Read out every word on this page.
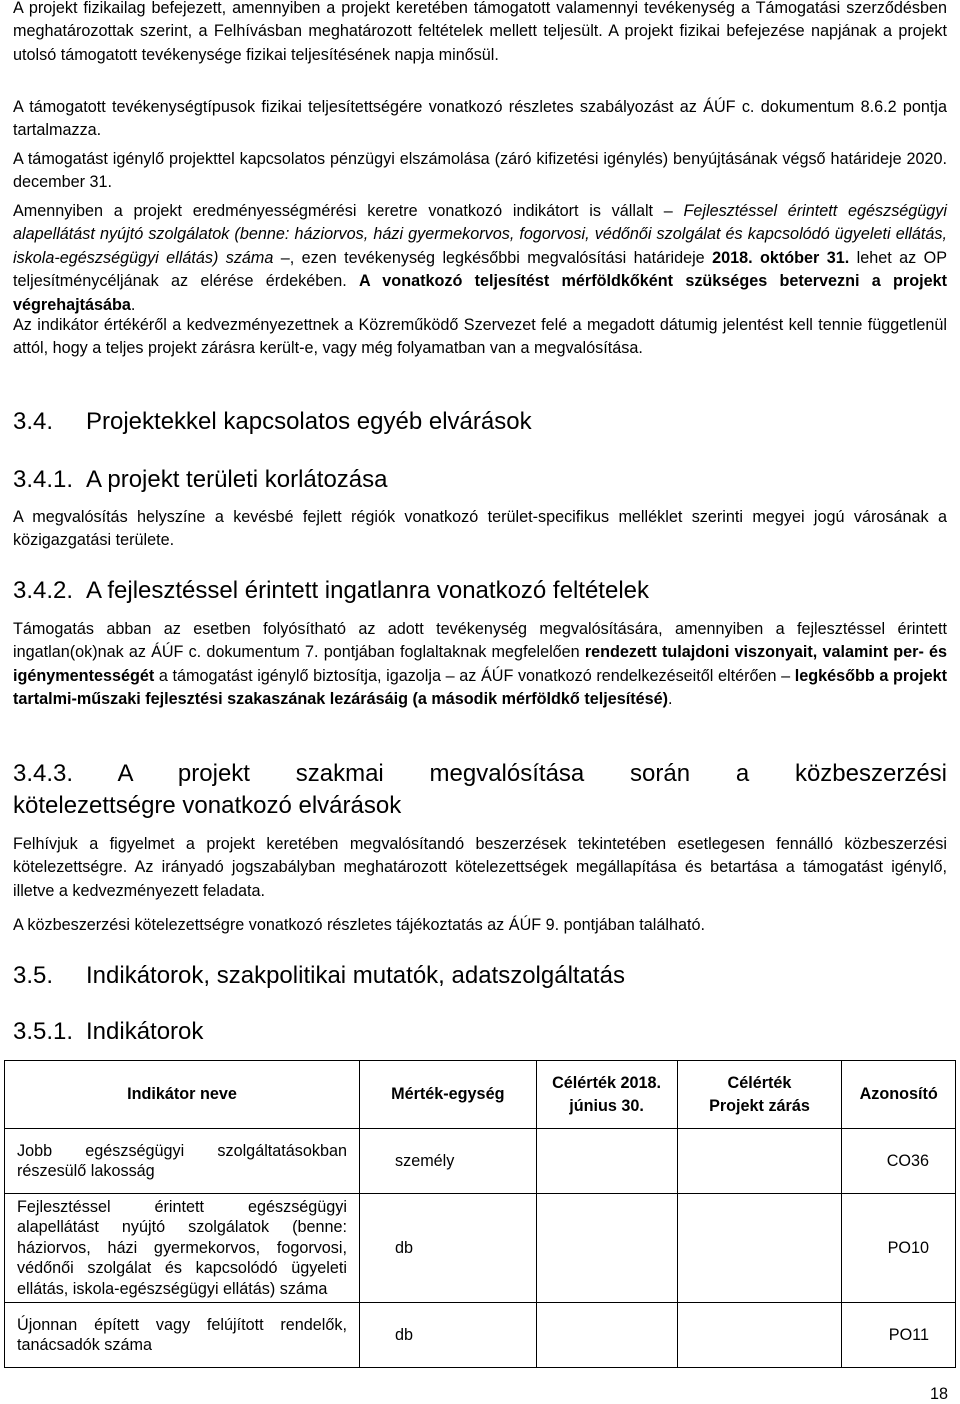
A projekt fizikailag befejezett, amennyiben a projekt keretében támogatott valamennyi tevékenység a Támogatási szerződésben meghatározottak szerint, a Felhívásban meghatározott feltételek mellett teljesült. A projekt fizikai befejezése napjának a projekt utolsó támogatott tevékenysége fizikai teljesítésének napja minősül.

A támogatott tevékenységtípusok fizikai teljesítettségére vonatkozó részletes szabályozást az ÁÚF c. dokumentum 8.6.2 pontja tartalmazza.

A támogatást igénylő projekttel kapcsolatos pénzügyi elszámolása (záró kifizetési igénylés) benyújtásának végső határideje 2020. december 31.

Amennyiben a projekt eredményességmérési keretre vonatkozó indikátort is vállalt – Fejlesztéssel érintett egészségügyi alapellátást nyújtó szolgálatok (benne: háziorvos, házi gyermekorvos, fogorvosi, védőnői szolgálat és kapcsolódó ügyeleti ellátás, iskola-egészségügyi ellátás) száma –, ezen tevékenység legkésőbbi megvalósítási határideje 2018. október 31. lehet az OP teljesítménycéljának az elérése érdekében. A vonatkozó teljesítést mérföldkőként szükséges betervezni a projekt végrehajtásába.

Az indikátor értékéről a kedvezményezettnek a Közreműködő Szervezet felé a megadott dátumig jelentést kell tennie függetlenül attól, hogy a teljes projekt zárásra került-e, vagy még folyamatban van a megvalósítása.

3.4. Projektekkel kapcsolatos egyéb elvárások
3.4.1. A projekt területi korlátozása

A megvalósítás helyszíne a kevésbé fejlett régiók vonatkozó terület-specifikus melléklet szerinti megyei jogú városának a közigazgatási területe.

3.4.2. A fejlesztéssel érintett ingatlanra vonatkozó feltételek

Támogatás abban az esetben folyósítható az adott tevékenység megvalósítására, amennyiben a fejlesztéssel érintett ingatlan(ok)nak az ÁÚF c. dokumentum 7. pontjában foglaltaknak megfelelően rendezett tulajdoni viszonyait, valamint per- és igénymentességét a támogatást igénylő biztosítja, igazolja – az ÁÚF vonatkozó rendelkezéseitől eltérően – legkésőbb a projekt tartalmi-műszaki fejlesztési szakaszának lezárásáig (a második mérföldkő teljesítésé).

3.4.3. A projekt szakmai megvalósítása során a közbeszerzési
kötelezettségre vonatkozó elvárások

Felhívjuk a figyelmet a projekt keretében megvalósítandó beszerzések tekintetében esetlegesen fennálló közbeszerzési kötelezettségre. Az irányadó jogszabályban meghatározott kötelezettségek megállapítása és betartása a támogatást igénylő, illetve a kedvezményezett feladata.

A közbeszerzési kötelezettségre vonatkozó részletes tájékoztatás az ÁÚF 9. pontjában található.

3.5. Indikátorok, szakpolitikai mutatók, adatszolgáltatás
3.5.1. Indikátorok
Indikátor neve	Mérték-egység	Célérték 2018. június 30.	Célérték Projekt zárás	Azonosító
Jobb egészségügyi szolgáltatásokban részesülő lakosság	személy			CO36
Fejlesztéssel érintett egészségügyi alapellátást nyújtó szolgálatok (benne: háziorvos, házi gyermekorvos, fogorvosi, védőnői szolgálat és kapcsolódó ügyeleti ellátás, iskola-egészségügyi ellátás) száma	db			PO10
Újonnan épített vagy felújított rendelők, tanácsadók száma	db			PO11
18
